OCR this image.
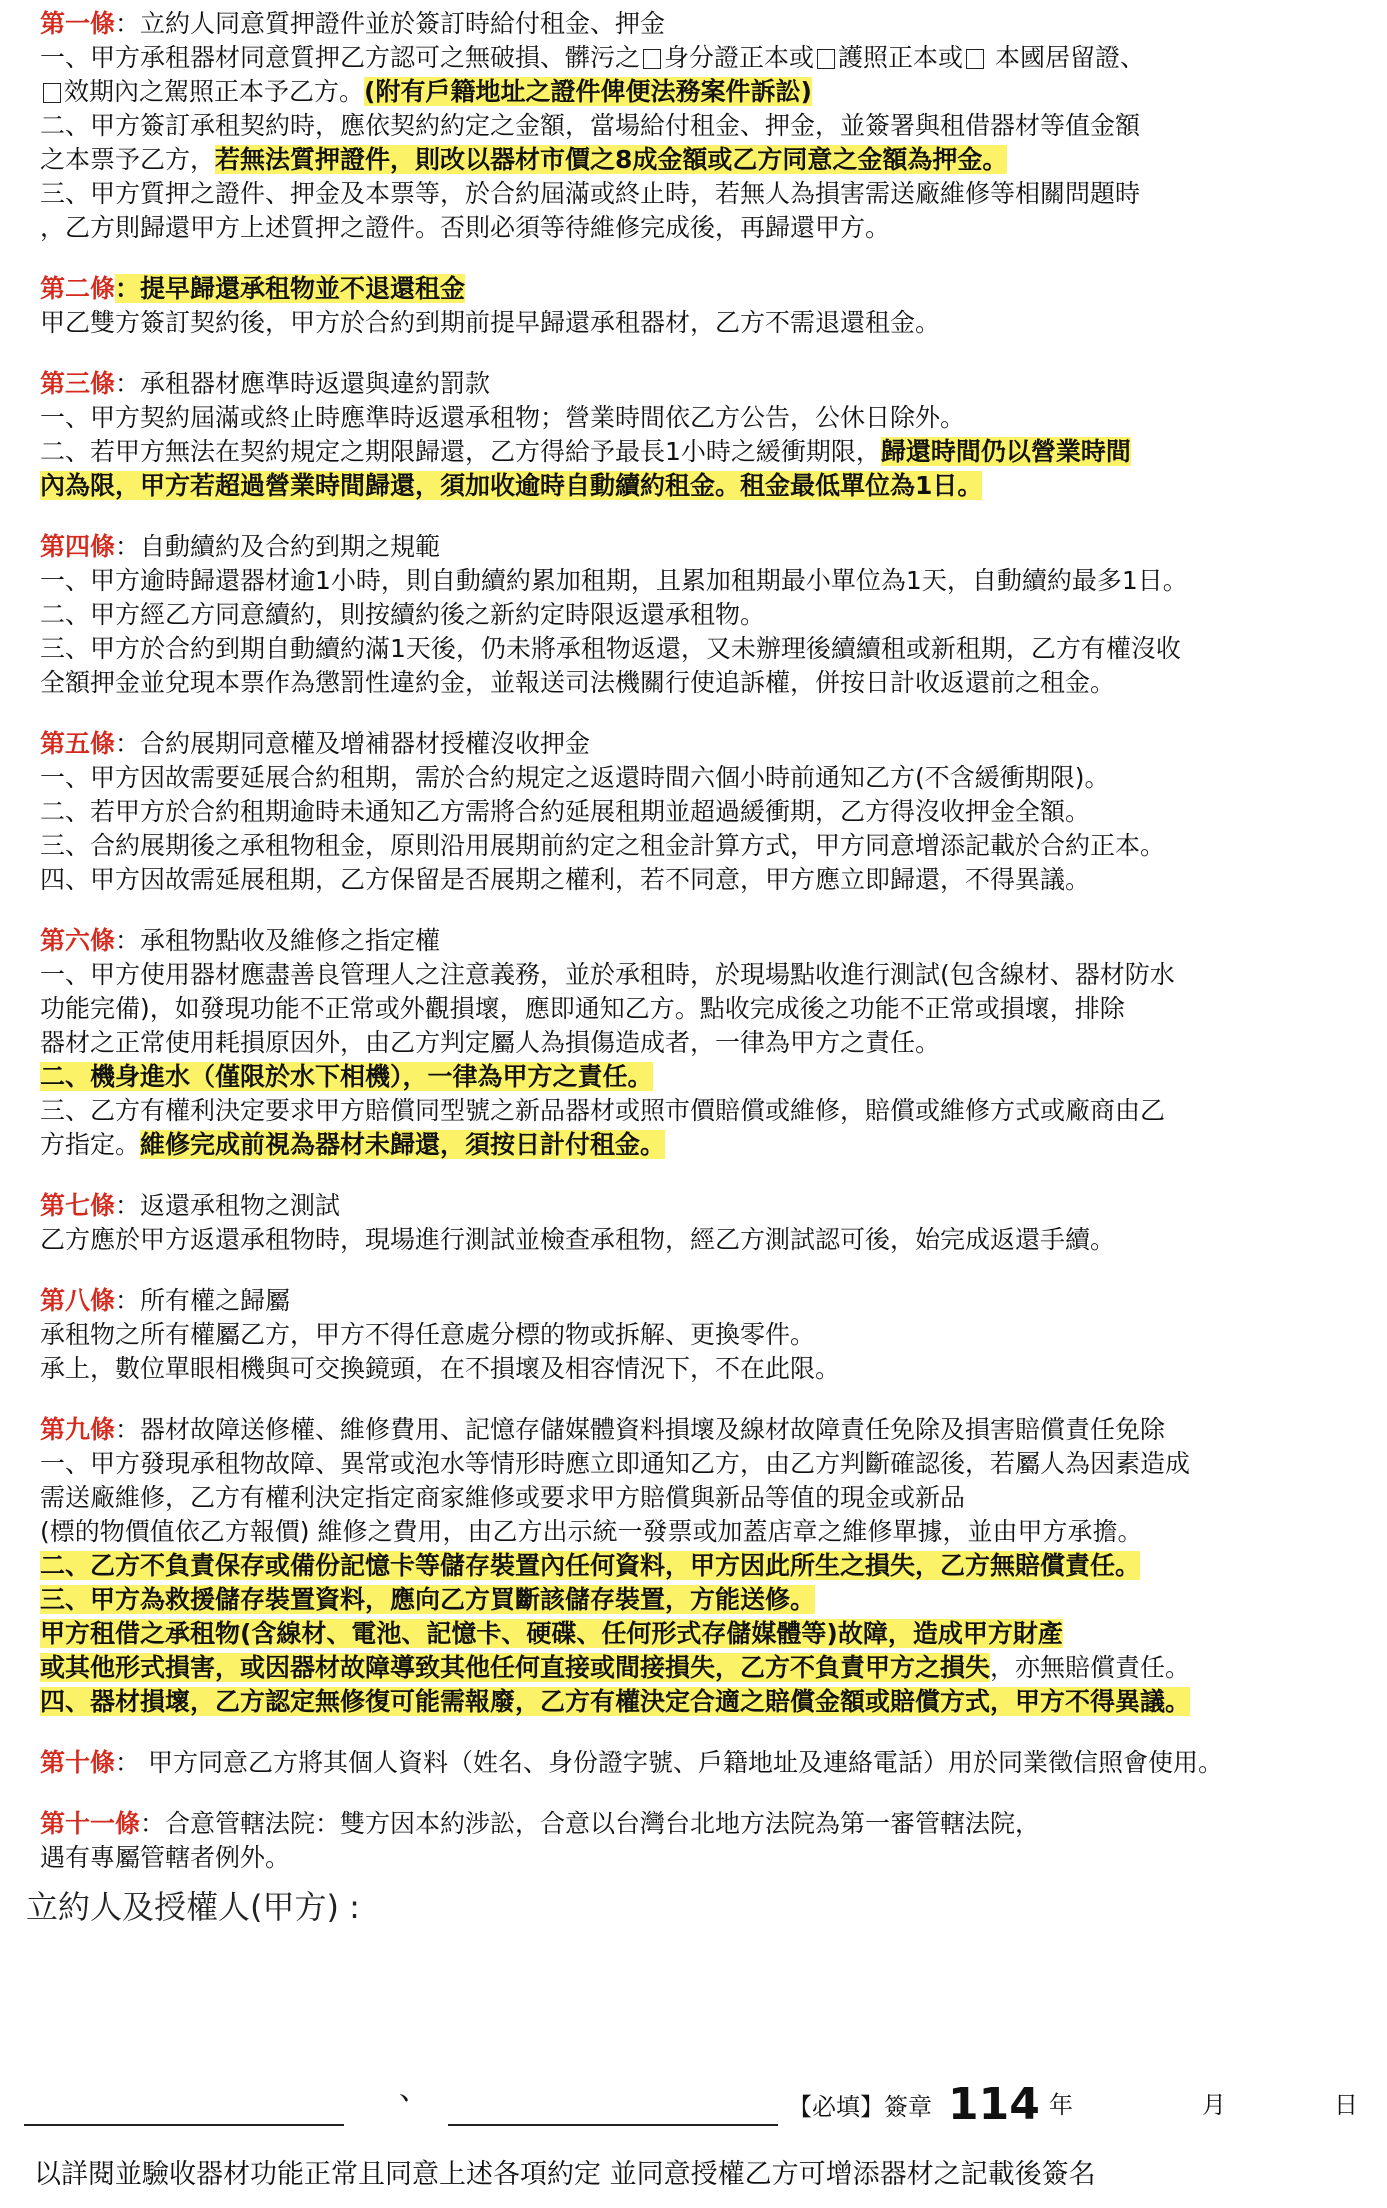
第一條：立約人同意質押證件並於簽訂時給付租金、押金
一、甲方承租器材同意質押乙方認可之無破損、髒污之 身分證正本或 護照正本或 本國居留證、
效期內之駕照正本予乙方。(附有戶籍地址之證件俾便法務案件訴訟)
二、甲方簽訂承租契約時，應依契約約定之金額，當場給付租金、押金，並簽署與租借器材等值金額
之本票予乙方，若無法質押證件，則改以器材市價之8成金額或乙方同意之金額為押金。
三、甲方質押之證件、押金及本票等，於合約屆滿或終止時，若無人為損害需送廠維修等相關問題時
，乙方則歸還甲方上述質押之證件。否則必須等待維修完成後，再歸還甲方。
第二條：提早歸還承租物並不退還租金
甲乙雙方簽訂契約後，甲方於合約到期前提早歸還承租器材，乙方不需退還租金。
第三條：承租器材應準時返還與違約罰款
一、甲方契約屆滿或終止時應準時返還承租物；營業時間依乙方公告，公休日除外。
二、若甲方無法在契約規定之期限歸還，乙方得給予最長1小時之緩衝期限，歸還時間仍以營業時間
內為限，甲方若超過營業時間歸還，須加收逾時自動續約租金。租金最低單位為1日。
第四條：自動續約及合約到期之規範
一、甲方逾時歸還器材逾1小時，則自動續約累加租期，且累加租期最小單位為1天，自動續約最多1日。
二、甲方經乙方同意續約，則按續約後之新約定時限返還承租物。
三、甲方於合約到期自動續約滿1天後，仍未將承租物返還，又未辦理後續續租或新租期，乙方有權沒收
全額押金並兌現本票作為懲罰性違約金，並報送司法機關行使追訴權，併按日計收返還前之租金。
第五條：合約展期同意權及增補器材授權沒收押金
一、甲方因故需要延展合約租期，需於合約規定之返還時間六個小時前通知乙方(不含緩衝期限)。
二、若甲方於合約租期逾時未通知乙方需將合約延展租期並超過緩衝期，乙方得沒收押金全額。
三、合約展期後之承租物租金，原則沿用展期前約定之租金計算方式，甲方同意增添記載於合約正本。
四、甲方因故需延展租期，乙方保留是否展期之權利，若不同意，甲方應立即歸還，不得異議。
第六條：承租物點收及維修之指定權
一、甲方使用器材應盡善良管理人之注意義務，並於承租時，於現場點收進行測試(包含線材、器材防水
功能完備)，如發現功能不正常或外觀損壞，應即通知乙方。點收完成後之功能不正常或損壞，排除
器材之正常使用耗損原因外，由乙方判定屬人為損傷造成者，一律為甲方之責任。
二、機身進水（僅限於水下相機），一律為甲方之責任。
三、乙方有權利決定要求甲方賠償同型號之新品器材或照市價賠償或維修，賠償或維修方式或廠商由乙
方指定。維修完成前視為器材未歸還，須按日計付租金。
第七條：返還承租物之測試
乙方應於甲方返還承租物時，現場進行測試並檢查承租物，經乙方測試認可後，始完成返還手續。
第八條：所有權之歸屬
承租物之所有權屬乙方，甲方不得任意處分標的物或拆解、更換零件。
承上，數位單眼相機與可交換鏡頭，在不損壞及相容情況下，不在此限。
第九條：器材故障送修權、維修費用、記憶存儲媒體資料損壞及線材故障責任免除及損害賠償責任免除
一、甲方發現承租物故障、異常或泡水等情形時應立即通知乙方，由乙方判斷確認後，若屬人為因素造成
需送廠維修，乙方有權利決定指定商家維修或要求甲方賠償與新品等值的現金或新品
(標的物價值依乙方報價) 維修之費用，由乙方出示統一發票或加蓋店章之維修單據，並由甲方承擔。
二、乙方不負責保存或備份記憶卡等儲存裝置內任何資料，甲方因此所生之損失，乙方無賠償責任。
三、甲方為救援儲存裝置資料，應向乙方買斷該儲存裝置，方能送修。
甲方租借之承租物(含線材、電池、記憶卡、硬碟、任何形式存儲媒體等)故障，造成甲方財產
或其他形式損害，或因器材故障導致其他任何直接或間接損失，乙方不負責甲方之損失，亦無賠償責任。
四、器材損壞，乙方認定無修復可能需報廢，乙方有權決定合適之賠償金額或賠償方式，甲方不得異議。
第十條： 甲方同意乙方將其個人資料（姓名、身份證字號、戶籍地址及連絡電話）用於同業徵信照會使用。
第十一條：合意管轄法院：雙方因本約涉訟，合意以台灣台北地方法院為第一審管轄法院，
遇有專屬管轄者例外。
立約人及授權人(甲方) :
、	【必填】簽章 114 年	月	日
以詳閱並驗收器材功能正常且同意上述各項約定 並同意授權乙方可增添器材之記載後簽名
